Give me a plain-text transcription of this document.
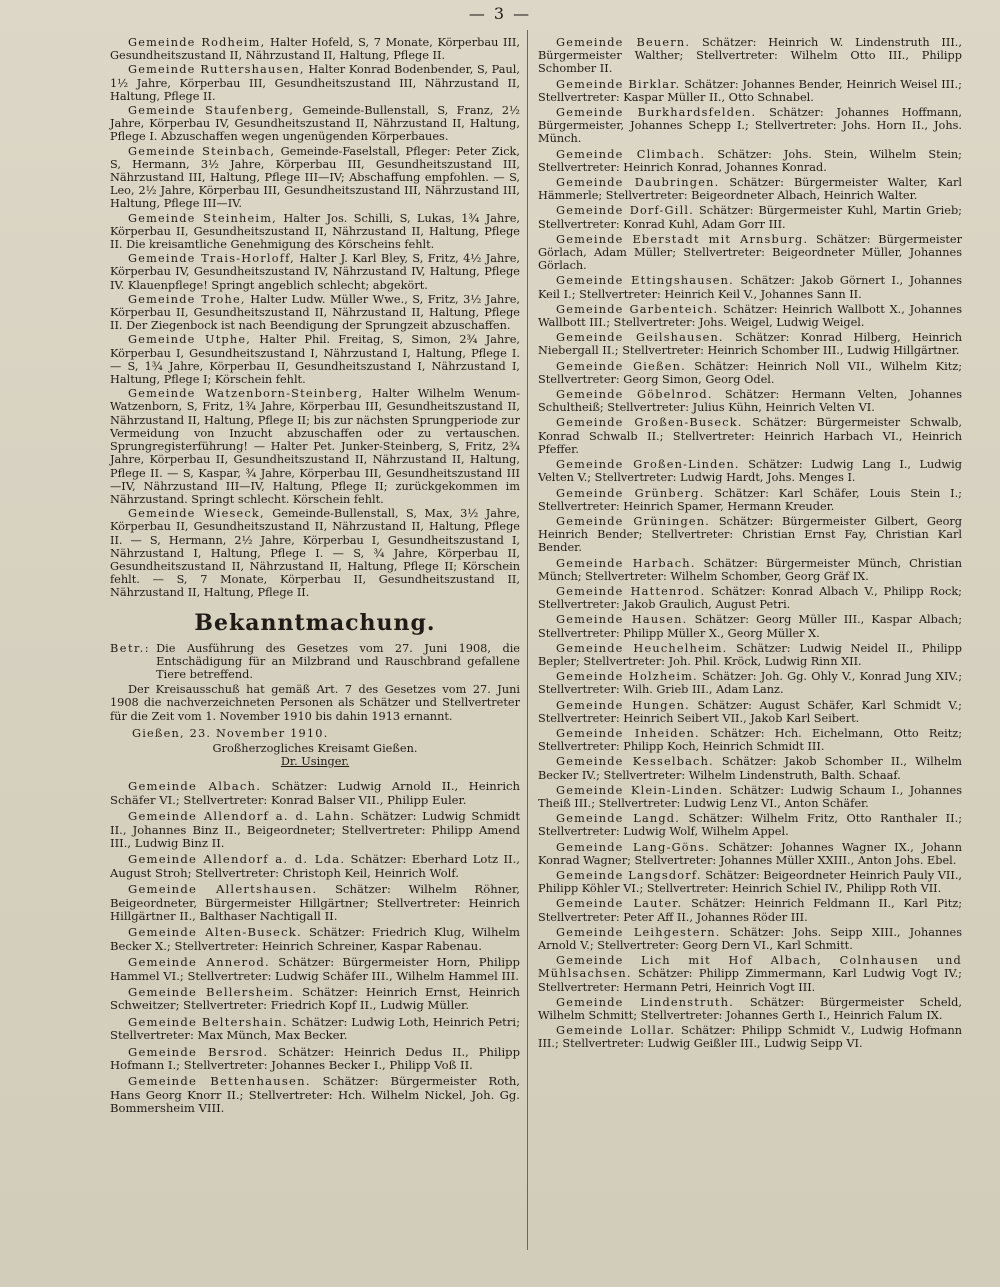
— 3 —

Gemeinde Rodheim, Halter Hofeld, S, 7 Monate, Körperbau III, Gesundheitszustand II, Nährzustand II, Haltung, Pflege II.

Gemeinde Ruttershausen, Halter Konrad Bodenbender, S, Paul, 1½ Jahre, Körperbau III, Gesundheitszustand III, Nährzustand II, Haltung, Pflege II.

Gemeinde Staufenberg, Gemeinde-Bullenstall, S, Franz, 2½ Jahre, Körperbau IV, Gesundheitszustand II, Nährzustand II, Haltung, Pflege I. Abzuschaffen wegen ungenügenden Körperbaues.

Gemeinde Steinbach, Gemeinde-Faselstall, Pfleger: Peter Zick, S, Hermann, 3½ Jahre, Körperbau III, Gesundheitszustand III, Nährzustand III, Haltung, Pflege III—IV; Abschaffung empfohlen. — S, Leo, 2½ Jahre, Körperbau III, Gesundheitszustand III, Nährzustand III, Haltung, Pflege III—IV.

Gemeinde Steinheim, Halter Jos. Schilli, S, Lukas, 1¾ Jahre, Körperbau II, Gesundheitszustand II, Nährzustand II, Haltung, Pflege II. Die kreisamtliche Genehmigung des Körscheins fehlt.

Gemeinde Trais-Horloff, Halter J. Karl Bley, S, Fritz, 4½ Jahre, Körperbau IV, Gesundheitszustand IV, Nährzustand IV, Haltung, Pflege IV. Klauenpflege! Springt angeblich schlecht; abgekört.

Gemeinde Trohe, Halter Ludw. Müller Wwe., S, Fritz, 3½ Jahre, Körperbau II, Gesundheitszustand II, Nährzustand II, Haltung, Pflege II. Der Ziegenbock ist nach Beendigung der Sprungzeit abzuschaffen.

Gemeinde Utphe, Halter Phil. Freitag, S, Simon, 2¾ Jahre, Körperbau I, Gesundheitszustand I, Nährzustand I, Haltung, Pflege I. — S, 1¾ Jahre, Körperbau II, Gesundheitszustand I, Nährzustand I, Haltung, Pflege I; Körschein fehlt.

Gemeinde Watzenborn-Steinberg, Halter Wilhelm Wenum-Watzenborn, S, Fritz, 1¾ Jahre, Körperbau III, Gesundheitszustand II, Nährzustand II, Haltung, Pflege II; bis zur nächsten Sprungperiode zur Vermeidung von Inzucht abzuschaffen oder zu vertauschen. Sprungregisterführung! — Halter Pet. Junker-Steinberg, S, Fritz, 2¾ Jahre, Körperbau II, Gesundheitszustand II, Nährzustand II, Haltung, Pflege II. — S, Kaspar, ¾ Jahre, Körperbau III, Gesundheitszustand III—IV, Nährzustand III—IV, Haltung, Pflege II; zurückgekommen im Nährzustand. Springt schlecht. Körschein fehlt.

Gemeinde Wieseck, Gemeinde-Bullenstall, S, Max, 3½ Jahre, Körperbau II, Gesundheitszustand II, Nährzustand II, Haltung, Pflege II. — S, Hermann, 2½ Jahre, Körperbau I, Gesundheitszustand I, Nährzustand I, Haltung, Pflege I. — S, ¾ Jahre, Körperbau II, Gesundheitszustand II, Nährzustand II, Haltung, Pflege II; Körschein fehlt. — S, 7 Monate, Körperbau II, Gesundheitszustand II, Nährzustand II, Haltung, Pflege II.

Bekanntmachung.
Betr.: Die Ausführung des Gesetzes vom 27. Juni 1908, die Entschädigung für an Milzbrand und Rauschbrand gefallene Tiere betreffend.

Der Kreisausschuß hat gemäß Art. 7 des Gesetzes vom 27. Juni 1908 die nachverzeichneten Personen als Schätzer und Stellvertreter für die Zeit vom 1. November 1910 bis dahin 1913 ernannt.

Gießen, 23. November 1910.
Großherzogliches Kreisamt Gießen.
Dr. Usinger.

Gemeinde Albach. Schätzer: Ludwig Arnold II., Heinrich Schäfer VI.; Stellvertreter: Konrad Balser VII., Philipp Euler.

Gemeinde Allendorf a. d. Lahn. Schätzer: Ludwig Schmidt II., Johannes Binz II., Beigeordneter; Stellvertreter: Philipp Amend III., Ludwig Binz II.

Gemeinde Allendorf a. d. Lda. Schätzer: Eberhard Lotz II., August Stroh; Stellvertreter: Christoph Keil, Heinrich Wolf.

Gemeinde Allertshausen. Schätzer: Wilhelm Röhner, Beigeordneter, Bürgermeister Hillgärtner; Stellvertreter: Heinrich Hillgärtner II., Balthaser Nachtigall II.

Gemeinde Alten-Buseck. Schätzer: Friedrich Klug, Wilhelm Becker X.; Stellvertreter: Heinrich Schreiner, Kaspar Rabenau.

Gemeinde Annerod. Schätzer: Bürgermeister Horn, Philipp Hammel VI.; Stellvertreter: Ludwig Schäfer III., Wilhelm Hammel III.

Gemeinde Bellersheim. Schätzer: Heinrich Ernst, Heinrich Schweitzer; Stellvertreter: Friedrich Kopf II., Ludwig Müller.

Gemeinde Beltershain. Schätzer: Ludwig Loth, Heinrich Petri; Stellvertreter: Max Münch, Max Becker.

Gemeinde Bersrod. Schätzer: Heinrich Dedus II., Philipp Hofmann I.; Stellvertreter: Johannes Becker I., Philipp Voß II.

Gemeinde Bettenhausen. Schätzer: Bürgermeister Roth, Hans Georg Knorr II.; Stellvertreter: Hch. Wilhelm Nickel, Joh. Gg. Bommersheim VIII.

Gemeinde Beuern. Schätzer: Heinrich W. Lindenstruth III., Bürgermeister Walther; Stellvertreter: Wilhelm Otto III., Philipp Schomber II.

Gemeinde Birklar. Schätzer: Johannes Bender, Heinrich Weisel III.; Stellvertreter: Kaspar Müller II., Otto Schnabel.

Gemeinde Burkhardsfelden. Schätzer: Johannes Hoffmann, Bürgermeister, Johannes Schepp I.; Stellvertreter: Johs. Horn II., Johs. Münch.

Gemeinde Climbach. Schätzer: Johs. Stein, Wilhelm Stein; Stellvertreter: Heinrich Konrad, Johannes Konrad.

Gemeinde Daubringen. Schätzer: Bürgermeister Walter, Karl Hämmerle; Stellvertreter: Beigeordneter Albach, Heinrich Walter.

Gemeinde Dorf-Gill. Schätzer: Bürgermeister Kuhl, Martin Grieb; Stellvertreter: Konrad Kuhl, Adam Gorr III.

Gemeinde Eberstadt mit Arnsburg. Schätzer: Bürgermeister Görlach, Adam Müller; Stellvertreter: Beigeordneter Müller, Johannes Görlach.

Gemeinde Ettingshausen. Schätzer: Jakob Görnert I., Johannes Keil I.; Stellvertreter: Heinrich Keil V., Johannes Sann II.

Gemeinde Garbenteich. Schätzer: Heinrich Wallbott X., Johannes Wallbott III.; Stellvertreter: Johs. Weigel, Ludwig Weigel.

Gemeinde Geilshausen. Schätzer: Konrad Hilberg, Heinrich Niebergall II.; Stellvertreter: Heinrich Schomber III., Ludwig Hillgärtner.

Gemeinde Gießen. Schätzer: Heinrich Noll VII., Wilhelm Kitz; Stellvertreter: Georg Simon, Georg Odel.

Gemeinde Göbelnrod. Schätzer: Hermann Velten, Johannes Schultheiß; Stellvertreter: Julius Kühn, Heinrich Velten VI.

Gemeinde Großen-Buseck. Schätzer: Bürgermeister Schwalb, Konrad Schwalb II.; Stellvertreter: Heinrich Harbach VI., Heinrich Pfeffer.

Gemeinde Großen-Linden. Schätzer: Ludwig Lang I., Ludwig Velten V.; Stellvertreter: Ludwig Hardt, Johs. Menges I.

Gemeinde Grünberg. Schätzer: Karl Schäfer, Louis Stein I.; Stellvertreter: Heinrich Spamer, Hermann Kreuder.

Gemeinde Grüningen. Schätzer: Bürgermeister Gilbert, Georg Heinrich Bender; Stellvertreter: Christian Ernst Fay, Christian Karl Bender.

Gemeinde Harbach. Schätzer: Bürgermeister Münch, Christian Münch; Stellvertreter: Wilhelm Schomber, Georg Gräf IX.

Gemeinde Hattenrod. Schätzer: Konrad Albach V., Philipp Rock; Stellvertreter: Jakob Graulich, August Petri.

Gemeinde Hausen. Schätzer: Georg Müller III., Kaspar Albach; Stellvertreter: Philipp Müller X., Georg Müller X.

Gemeinde Heuchelheim. Schätzer: Ludwig Neidel II., Philipp Bepler; Stellvertreter: Joh. Phil. Kröck, Ludwig Rinn XII.

Gemeinde Holzheim. Schätzer: Joh. Gg. Ohly V., Konrad Jung XIV.; Stellvertreter: Wilh. Grieb III., Adam Lanz.

Gemeinde Hungen. Schätzer: August Schäfer, Karl Schmidt V.; Stellvertreter: Heinrich Seibert VII., Jakob Karl Seibert.

Gemeinde Inheiden. Schätzer: Hch. Eichelmann, Otto Reitz; Stellvertreter: Philipp Koch, Heinrich Schmidt III.

Gemeinde Kesselbach. Schätzer: Jakob Schomber II., Wilhelm Becker IV.; Stellvertreter: Wilhelm Lindenstruth, Balth. Schaaf.

Gemeinde Klein-Linden. Schätzer: Ludwig Schaum I., Johannes Theiß III.; Stellvertreter: Ludwig Lenz VI., Anton Schäfer.

Gemeinde Langd. Schätzer: Wilhelm Fritz, Otto Ranthaler II.; Stellvertreter: Ludwig Wolf, Wilhelm Appel.

Gemeinde Lang-Göns. Schätzer: Johannes Wagner IX., Johann Konrad Wagner; Stellvertreter: Johannes Müller XXIII., Anton Johs. Ebel.

Gemeinde Langsdorf. Schätzer: Beigeordneter Heinrich Pauly VII., Philipp Köhler VI.; Stellvertreter: Heinrich Schiel IV., Philipp Roth VII.

Gemeinde Lauter. Schätzer: Heinrich Feldmann II., Karl Pitz; Stellvertreter: Peter Aff II., Johannes Röder III.

Gemeinde Leihgestern. Schätzer: Johs. Seipp XIII., Johannes Arnold V.; Stellvertreter: Georg Dern VI., Karl Schmitt.

Gemeinde Lich mit Hof Albach, Colnhausen und Mühlsachsen. Schätzer: Philipp Zimmermann, Karl Ludwig Vogt IV.; Stellvertreter: Hermann Petri, Heinrich Vogt III.

Gemeinde Lindenstruth. Schätzer: Bürgermeister Scheld, Wilhelm Schmitt; Stellvertreter: Johannes Gerth I., Heinrich Falum IX.

Gemeinde Lollar. Schätzer: Philipp Schmidt V., Ludwig Hofmann III.; Stellvertreter: Ludwig Geißler III., Ludwig Seipp VI.
